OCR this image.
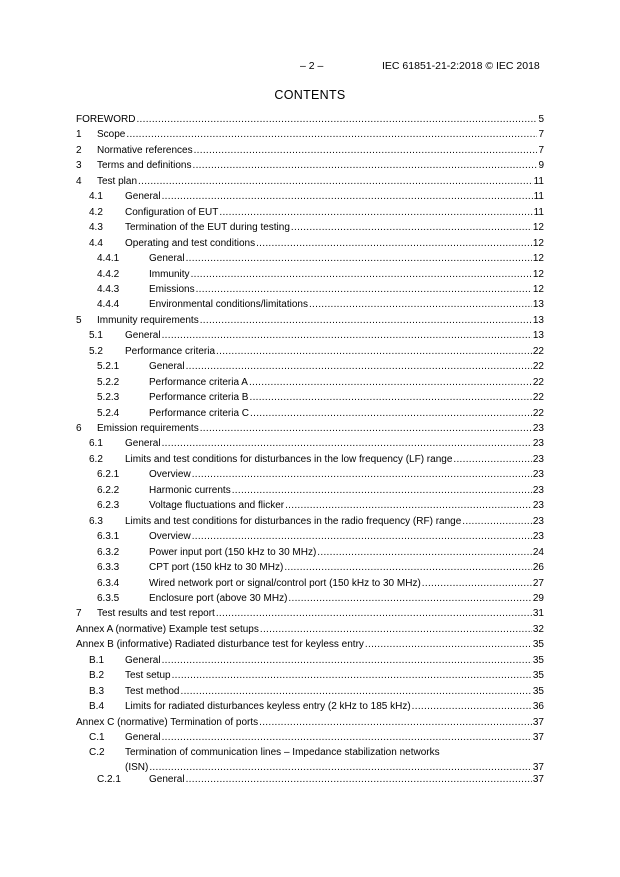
– 2 –	IEC 61851-21-2:2018 © IEC 2018
CONTENTS
FOREWORD .....	5
1 Scope .....	7
2 Normative references .....	7
3 Terms and definitions .....	9
4 Test plan .....	11
4.1 General .....	11
4.2 Configuration of EUT .....	11
4.3 Termination of the EUT during testing .....	12
4.4 Operating and test conditions .....	12
4.4.1	General .....	12
4.4.2	Immunity .....	12
4.4.3	Emissions .....	12
4.4.4	Environmental conditions/limitations .....	13
5 Immunity requirements .....	13
5.1 General .....	13
5.2 Performance criteria .....	22
5.2.1	General .....	22
5.2.2	Performance criteria A .....	22
5.2.3	Performance criteria B .....	22
5.2.4	Performance criteria C .....	22
6 Emission requirements .....	23
6.1 General .....	23
6.2 Limits and test conditions for disturbances in the low frequency (LF) range .....	23
6.2.1	Overview .....	23
6.2.2	Harmonic currents .....	23
6.2.3	Voltage fluctuations and flicker .....	23
6.3 Limits and test conditions for disturbances in the radio frequency (RF) range .....	23
6.3.1	Overview .....	23
6.3.2	Power input port (150 kHz to 30 MHz) .....	24
6.3.3	CPT port (150 kHz to 30 MHz) .....	26
6.3.4	Wired network port or signal/control port (150 kHz to 30 MHz) .....	27
6.3.5	Enclosure port (above 30 MHz) .....	29
7 Test results and test report .....	31
Annex A (normative) Example test setups .....	32
Annex B (informative) Radiated disturbance test for keyless entry .....	35
B.1 General .....	35
B.2 Test setup .....	35
B.3 Test method .....	35
B.4 Limits for radiated disturbances keyless entry (2 kHz to 185 kHz) .....	36
Annex C (normative) Termination of ports .....	37
C.1 General .....	37
C.2 Termination of communication lines – Impedance stabilization networks
(ISN) .....	37
C.2.1	General .....	37
